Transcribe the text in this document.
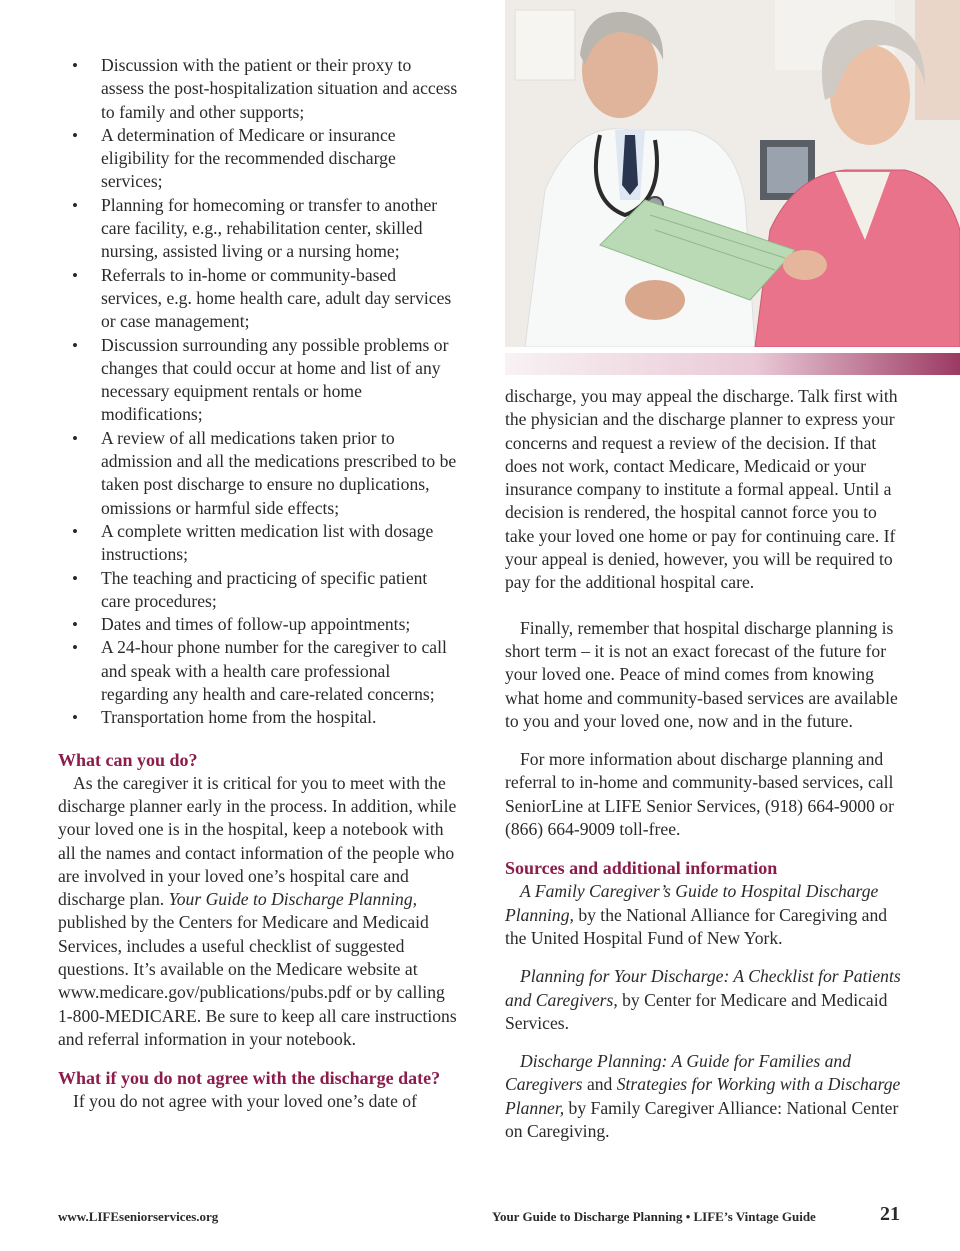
• Discussion with the patient or their proxy to assess the post-hospitalization situation and access to family and other supports;
• A determination of Medicare or insurance eligibility for the recommended discharge services;
• Planning for homecoming or transfer to another care facility, e.g., rehabilitation center, skilled nursing, assisted living or a nursing home;
• Referrals to in-home or community-based services, e.g. home health care, adult day services or case management;
• Discussion surrounding any possible problems or changes that could occur at home and list of any necessary equipment rentals or home modifications;
• A review of all medications taken prior to admission and all the medications prescribed to be taken post discharge to ensure no duplications, omissions or harmful side effects;
• A complete written medication list with dosage instructions;
• The teaching and practicing of specific patient care procedures;
• Dates and times of follow-up appointments;
• A 24-hour phone number for the caregiver to call and speak with a health care professional regarding any health and care-related concerns;
• Transportation home from the hospital.
What can you do?

As the caregiver it is critical for you to meet with the discharge planner early in the process. In addition, while your loved one is in the hospital, keep a notebook with all the names and contact information of the people who are involved in your loved one’s hospital care and discharge plan. Your Guide to Discharge Planning, published by the Centers for Medicare and Medicaid Services, includes a useful checklist of suggested questions. It’s available on the Medicare website at www.medicare.gov/publications/pubs.pdf or by calling 1-800-MEDICARE. Be sure to keep all care instructions and referral information in your notebook.

What if you do not agree with the discharge date?

If you do not agree with your loved one’s date of

discharge, you may appeal the discharge. Talk first with the physician and the discharge planner to express your concerns and request a review of the decision. If that does not work, contact Medicare, Medicaid or your insurance company to institute a formal appeal. Until a decision is rendered, the hospital cannot force you to take your loved one home or pay for continuing care. If your appeal is denied, however, you will be required to pay for the additional hospital care.

Finally, remember that hospital discharge planning is short term – it is not an exact forecast of the future for your loved one. Peace of mind comes from knowing what home and community-based services are available to you and your loved one, now and in the future.

For more information about discharge planning and referral to in-home and community-based services, call SeniorLine at LIFE Senior Services, (918) 664-9000 or (866) 664-9009 toll-free.

Sources and additional information

A Family Caregiver’s Guide to Hospital Discharge Planning, by the National Alliance for Caregiving and the United Hospital Fund of New York.

Planning for Your Discharge: A Checklist for Patients and Caregivers, by Center for Medicare and Medicaid Services.

Discharge Planning: A Guide for Families and Caregivers and Strategies for Working with a Discharge Planner, by Family Caregiver Alliance: National Center on Caregiving.

www.LIFEseniorservices.org	Your Guide to Discharge Planning • LIFE’s Vintage Guide	21
